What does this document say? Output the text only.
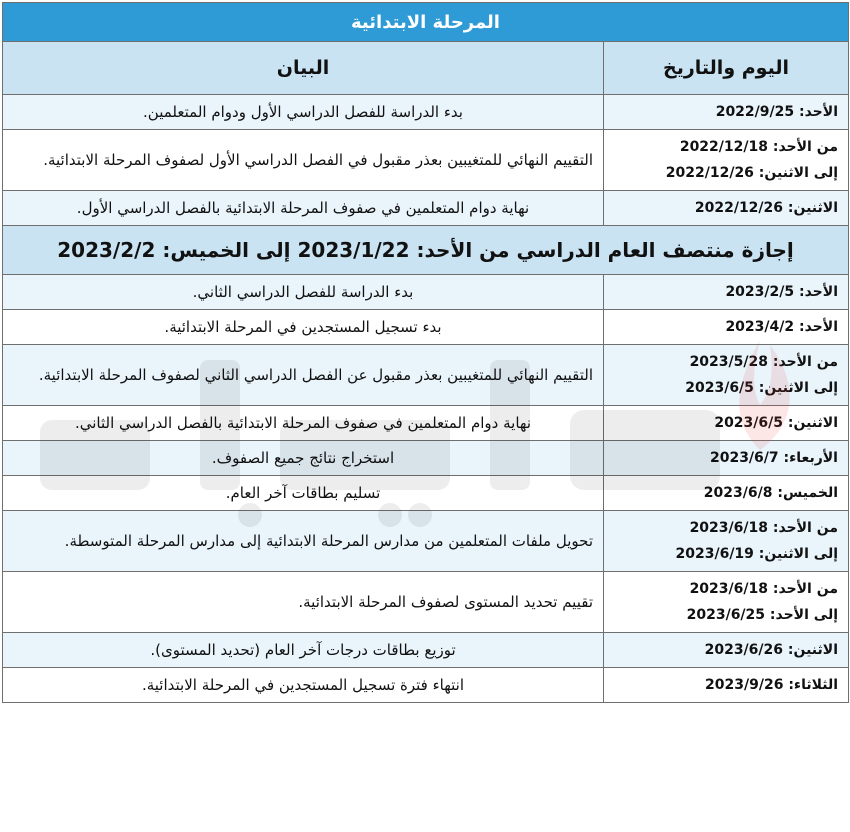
المرحلة الابتدائية	
اليوم والتاريخ	البيان

الأحد: 2022/9/25	بدء الدراسة للفصل الدراسي الأول ودوام المتعلمين.

من الأحد: 2022/12/18
إلى الاثنين: 2022/12/26	التقييم النهائي للمتغيبين بعذر مقبول في الفصل الدراسي الأول لصفوف المرحلة الابتدائية.

الاثنين: 2022/12/26	نهاية دوام المتعلمين في صفوف المرحلة الابتدائية بالفصل الدراسي الأول.
إجازة منتصف العام الدراسي من الأحد: 2023/1/22 إلى الخميس: 2023/2/2	

الأحد: 2023/2/5	بدء الدراسة للفصل الدراسي الثاني.

الأحد: 2023/4/2	بدء تسجيل المستجدين في المرحلة الابتدائية.

من الأحد: 2023/5/28
إلى الاثنين: 2023/6/5	التقييم النهائي للمتغيبين بعذر مقبول عن الفصل الدراسي الثاني لصفوف المرحلة الابتدائية.

الاثنين: 2023/6/5	نهاية دوام المتعلمين في صفوف المرحلة الابتدائية بالفصل الدراسي الثاني.

الأربعاء: 2023/6/7	استخراج نتائج جميع الصفوف.

الخميس: 2023/6/8	تسليم بطاقات آخر العام.

من الأحد: 2023/6/18
إلى الاثنين: 2023/6/19	تحويل ملفات المتعلمين من مدارس المرحلة الابتدائية إلى مدارس المرحلة المتوسطة.

من الأحد: 2023/6/18
إلى الأحد: 2023/6/25	تقييم تحديد المستوى لصفوف المرحلة الابتدائية.

الاثنين: 2023/6/26	توزيع بطاقات درجات آخر العام (تحديد المستوى).

الثلاثاء: 2023/9/26	انتهاء فترة تسجيل المستجدين في المرحلة الابتدائية.
